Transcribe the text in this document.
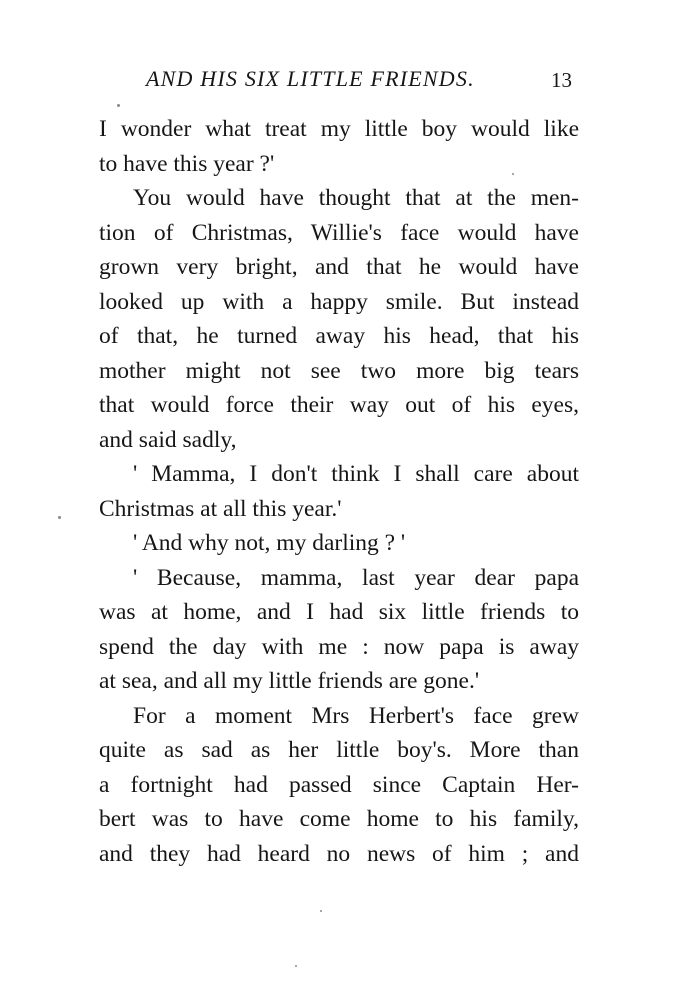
AND HIS SIX LITTLE FRIENDS.	13
I wonder what treat my little boy would like
to have this year ?'
You would have thought that at the men-
tion of Christmas, Willie's face would have
grown very bright, and that he would have
looked up with a happy smile. But instead
of that, he turned away his head, that his
mother might not see two more big tears
that would force their way out of his eyes,
and said sadly,
' Mamma, I don't think I shall care about
Christmas at all this year.'
' And why not, my darling ? '
' Because, mamma, last year dear papa
was at home, and I had six little friends to
spend the day with me : now papa is away
at sea, and all my little friends are gone.'
For a moment Mrs Herbert's face grew
quite as sad as her little boy's. More than
a fortnight had passed since Captain Her-
bert was to have come home to his family,
and they had heard no news of him ; and
